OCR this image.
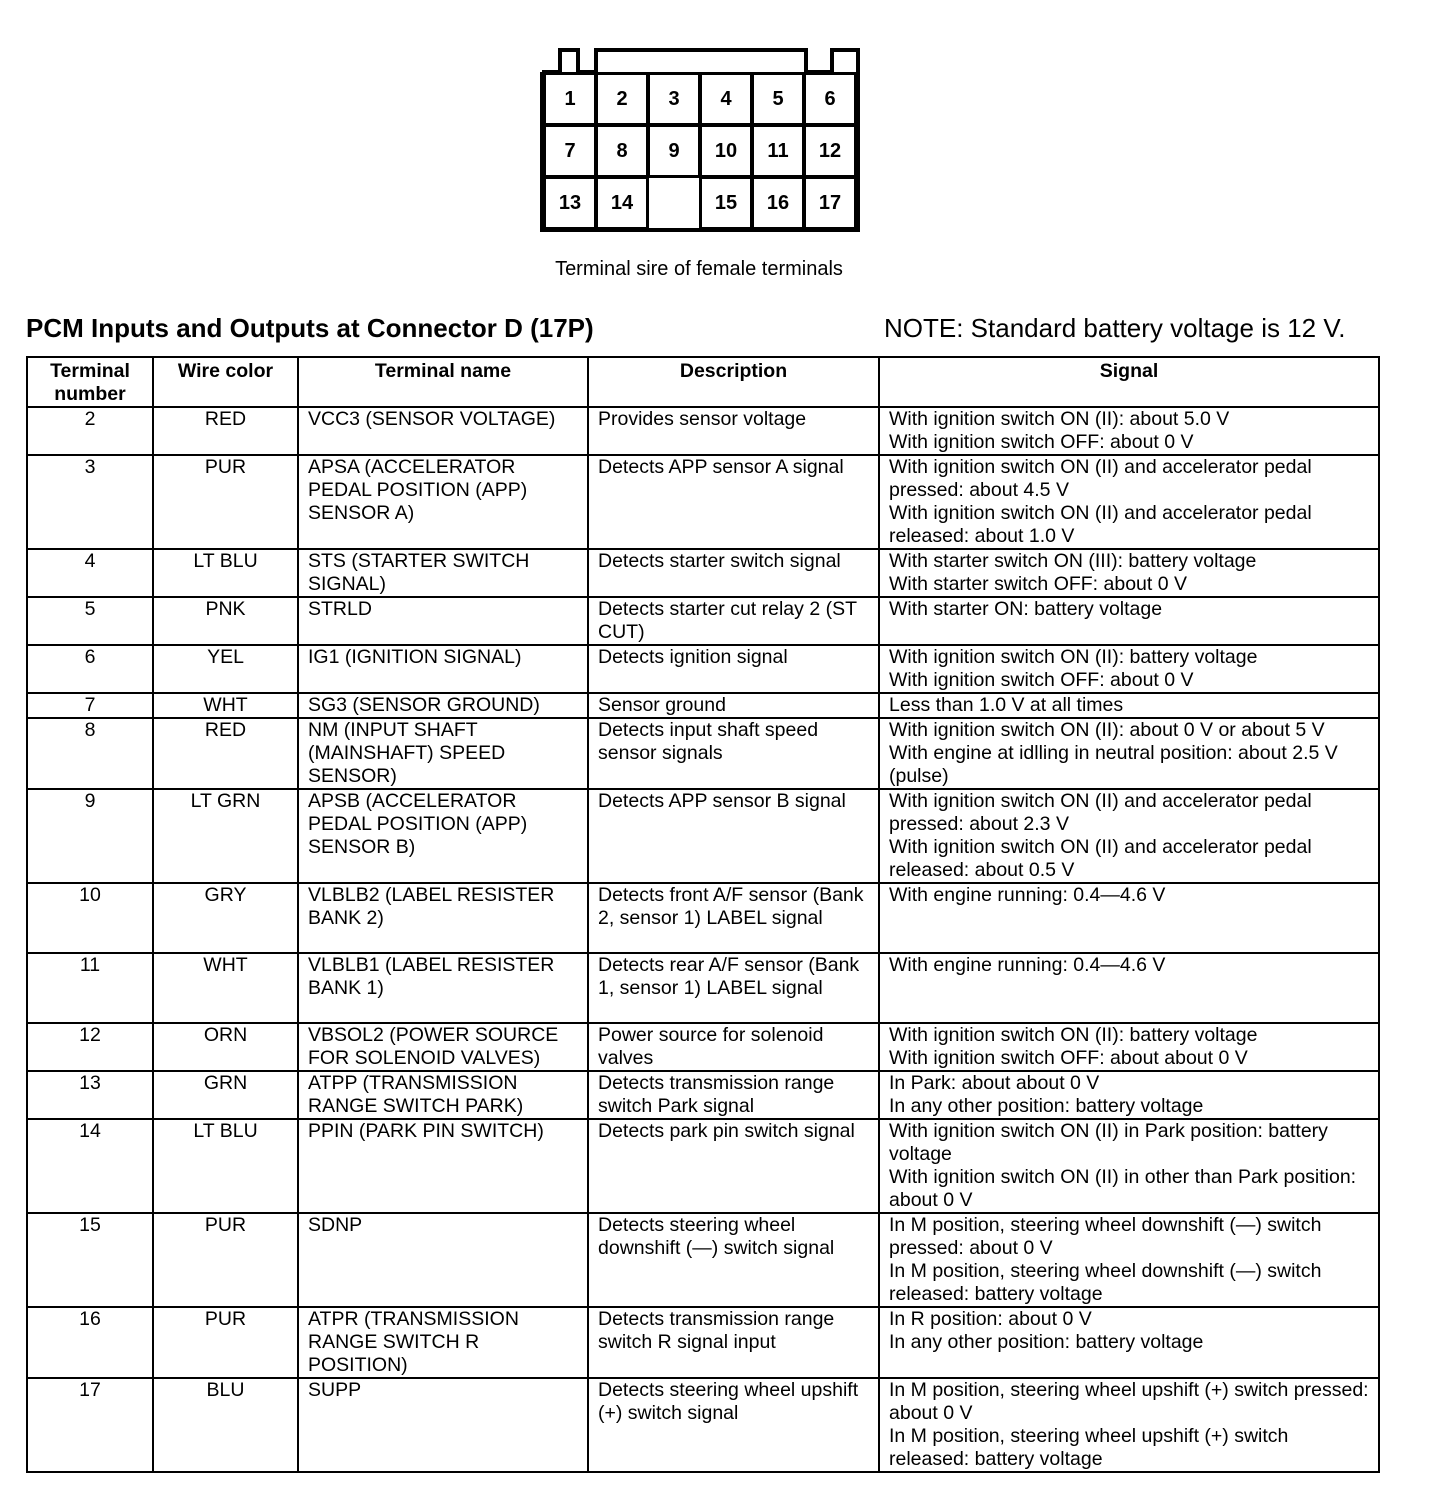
1	2	3	4	5	6
7	8	9	10	11	12
13	14	15	16	17
Terminal sire of female terminals
PCM Inputs and Outputs at Connector D (17P)	NOTE: Standard battery voltage is 12 V.
Terminal number	Wire color	Terminal name	Description	Signal
2	RED	VCC3 (SENSOR VOLTAGE)	Provides sensor voltage	With ignition switch ON (II): about 5.0 V
With ignition switch OFF: about 0 V

3	PUR	APSA (ACCELERATOR PEDAL POSITION (APP) SENSOR A)	Detects APP sensor A signal	With ignition switch ON (II) and accelerator pedal pressed: about 4.5 V
With ignition switch ON (II) and accelerator pedal released: about 1.0 V

4	LT BLU	STS (STARTER SWITCH SIGNAL)	Detects starter switch signal	With starter switch ON (III): battery voltage
With starter switch OFF: about 0 V

5	PNK	STRLD	Detects starter cut relay 2 (ST CUT)	With starter ON: battery voltage

6	YEL	IG1 (IGNITION SIGNAL)	Detects ignition signal	With ignition switch ON (II): battery voltage
With ignition switch OFF: about 0 V

7	WHT	SG3 (SENSOR GROUND)	Sensor ground	Less than 1.0 V at all times

8	RED	NM (INPUT SHAFT (MAINSHAFT) SPEED SENSOR)	Detects input shaft speed sensor signals	With ignition switch ON (II): about 0 V or about 5 V
With engine at idlling in neutral position: about 2.5 V (pulse)

9	LT GRN	APSB (ACCELERATOR PEDAL POSITION (APP) SENSOR B)	Detects APP sensor B signal	With ignition switch ON (II) and accelerator pedal pressed: about 2.3 V
With ignition switch ON (II) and accelerator pedal released: about 0.5 V

10	GRY	VLBLB2 (LABEL RESISTER BANK 2)	Detects front A/F sensor (Bank 2, sensor 1) LABEL signal	With engine running: 0.4—4.6 V

11	WHT	VLBLB1 (LABEL RESISTER BANK 1)	Detects rear A/F sensor (Bank 1, sensor 1) LABEL signal	With engine running: 0.4—4.6 V

12	ORN	VBSOL2 (POWER SOURCE FOR SOLENOID VALVES)	Power source for solenoid valves	With ignition switch ON (II): battery voltage
With ignition switch OFF: about about 0 V

13	GRN	ATPP (TRANSMISSION RANGE SWITCH PARK)	Detects transmission range switch Park signal	In Park: about about 0 V
In any other position: battery voltage

14	LT BLU	PPIN (PARK PIN SWITCH)	Detects park pin switch signal	With ignition switch ON (II) in Park position: battery voltage
With ignition switch ON (II) in other than Park position: about 0 V

15	PUR	SDNP	Detects steering wheel downshift (—) switch signal	In M position, steering wheel downshift (—) switch pressed: about 0 V
In M position, steering wheel downshift (—) switch released: battery voltage

16	PUR	ATPR (TRANSMISSION RANGE SWITCH R POSITION)	Detects transmission range switch R signal input	In R position: about 0 V
In any other position: battery voltage

17	BLU	SUPP	Detects steering wheel upshift (+) switch signal	In M position, steering wheel upshift (+) switch pressed: about 0 V
In M position, steering wheel upshift (+) switch released: battery voltage
